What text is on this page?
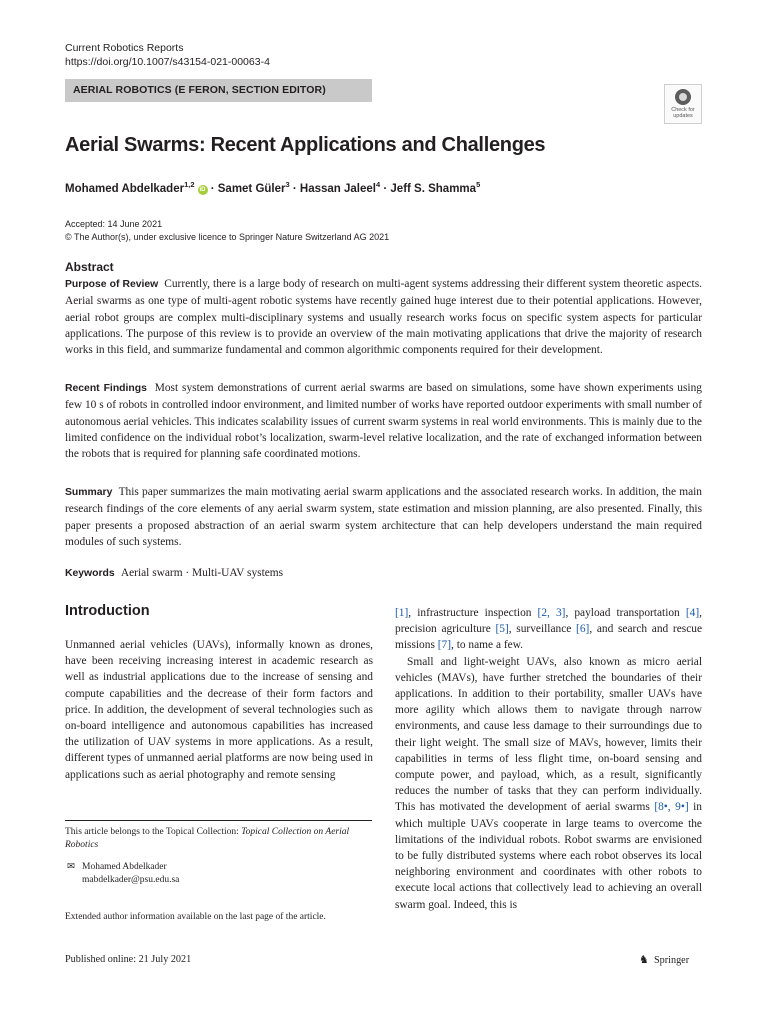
Current Robotics Reports
https://doi.org/10.1007/s43154-021-00063-4
AERIAL ROBOTICS (E FERON, SECTION EDITOR)
Check for updates
Aerial Swarms: Recent Applications and Challenges
Mohamed Abdelkader$^{1,2}$iD · Samet Güler$^3$ · Hassan Jaleel$^4$ · Jeff S. Shamma$^5$
Accepted: 14 June 2021
© The Author(s), under exclusive licence to Springer Nature Switzerland AG 2021
Abstract
Purpose of Review Currently, there is a large body of research on multi-agent systems addressing their different system theoretic aspects. Aerial swarms as one type of multi-agent robotic systems have recently gained huge interest due to their potential applications. However, aerial robot groups are complex multi-disciplinary systems and usually research works focus on specific system aspects for particular applications. The purpose of this review is to provide an overview of the main motivating applications that drive the majority of research works in this field, and summarize fundamental and common algorithmic components required for their development.
Recent Findings Most system demonstrations of current aerial swarms are based on simulations, some have shown experiments using few 10 s of robots in controlled indoor environment, and limited number of works have reported outdoor experiments with small number of autonomous aerial vehicles. This indicates scalability issues of current swarm systems in real world environments. This is mainly due to the limited confidence on the individual robot’s localization, swarm-level relative localization, and the rate of exchanged information between the robots that is required for planning safe coordinated motions.
Summary This paper summarizes the main motivating aerial swarm applications and the associated research works. In addition, the main research findings of the core elements of any aerial swarm system, state estimation and mission planning, are also presented. Finally, this paper presents a proposed abstraction of an aerial swarm system architecture that can help developers understand the main required modules of such systems.
Keywords Aerial swarm · Multi-UAV systems
Introduction

Unmanned aerial vehicles (UAVs), informally known as drones, have been receiving increasing interest in academic research as well as industrial applications due to the increase of sensing and compute capabilities and the decrease of their form factors and price. In addition, the development of several technologies such as on-board intelligence and autonomous capabilities has increased the utilization of UAV systems in more applications. As a result, different types of unmanned aerial platforms are now being used in applications such as aerial photography and remote sensing

[1], infrastructure inspection [2, 3], payload transportation [4], precision agriculture [5], surveillance [6], and search and rescue missions [7], to name a few.

Small and light-weight UAVs, also known as micro aerial vehicles (MAVs), have further stretched the boundaries of their applications. In addition to their portability, smaller UAVs have more agility which allows them to navigate through narrow environments, and cause less damage to their surroundings due to their light weight. The small size of MAVs, however, limits their capabilities in terms of less flight time, on-board sensing and compute power, and payload, which, as a result, significantly reduces the number of tasks that they can perform individually. This has motivated the development of aerial swarms [8•, 9•] in which multiple UAVs cooperate in large teams to overcome the limitations of the individual robots. Robot swarms are envisioned to be fully distributed systems where each robot observes its local neighboring environment and coordinates with other robots to execute local actions that collectively lead to achieving an overall swarm goal. Indeed, this is

This article belongs to the Topical Collection: Topical Collection on Aerial Robotics
✉ Mohamed Abdelkader
mabdelkader@psu.edu.sa
Extended author information available on the last page of the article.
Published online: 21 July 2021	♞ Springer
